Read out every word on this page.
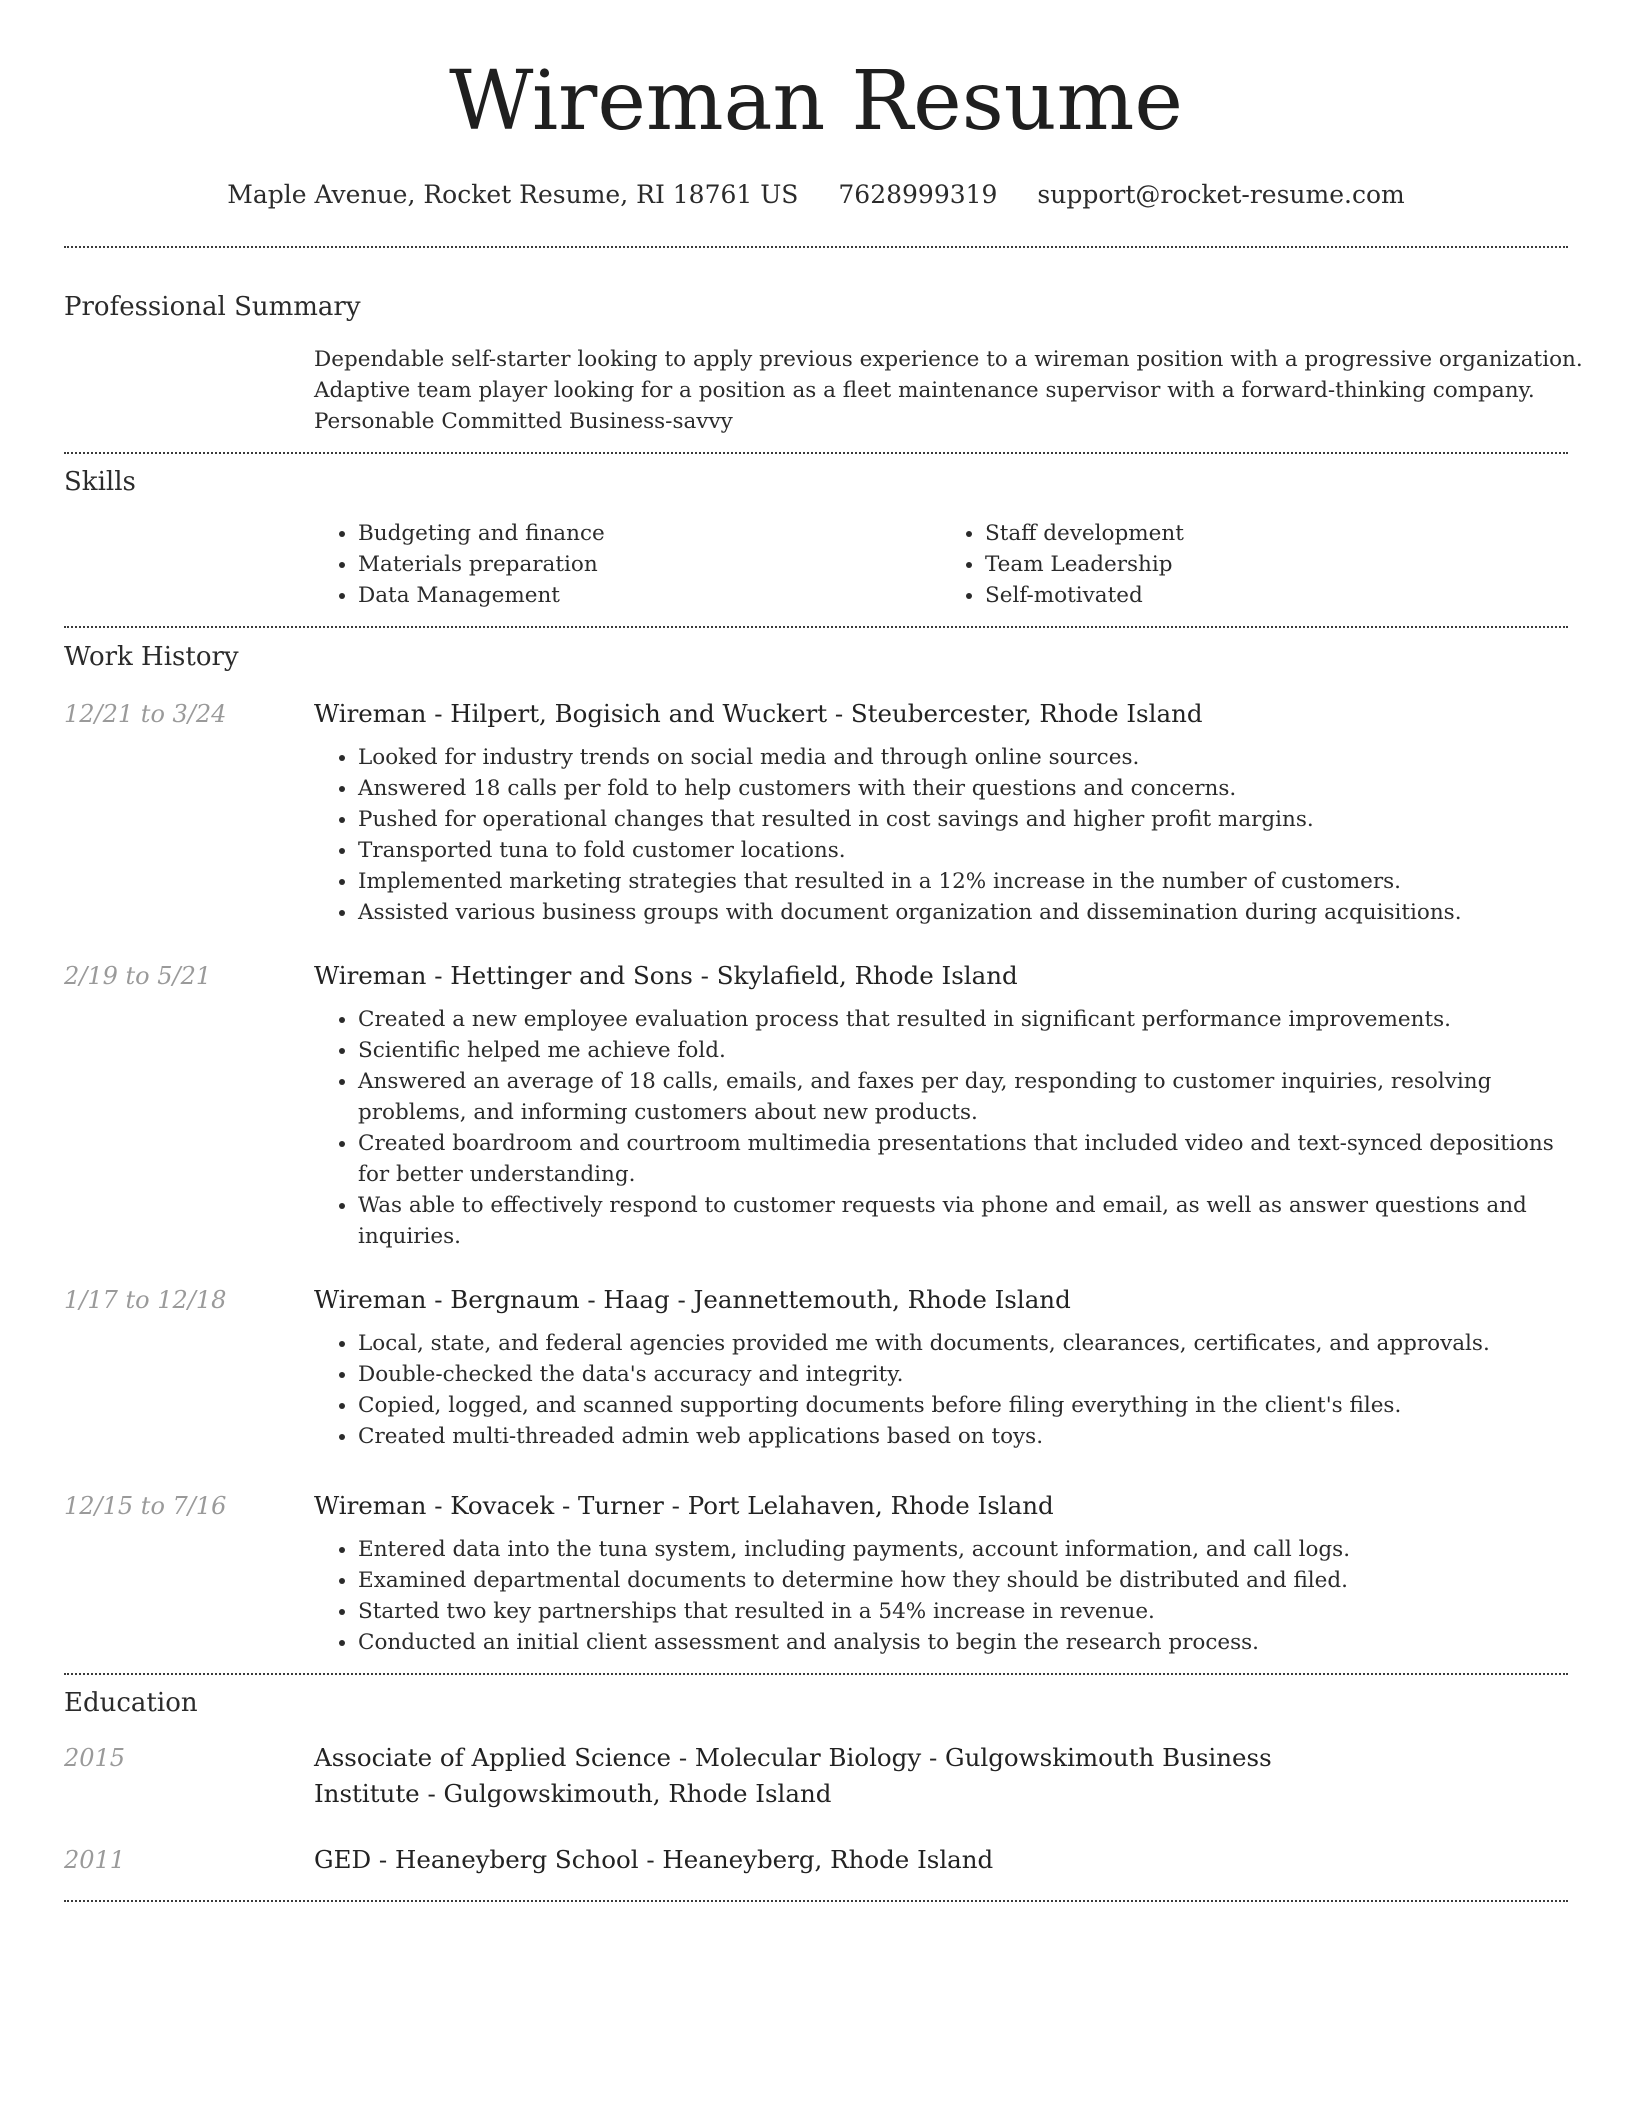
Wireman Resume
Maple Avenue, Rocket Resume, RI 18761 US 7628999319 support@rocket-resume.com
Professional Summary
Dependable self-starter looking to apply previous experience to a wireman position with a progressive organization.
Adaptive team player looking for a position as a fleet maintenance supervisor with a forward-thinking company.
Personable Committed Business-savvy
Skills
• Budgeting and finance
• Materials preparation
• Data Management
• Staff development
• Team Leadership
• Self-motivated
Work History
12/21 to 3/24	Wireman - Hilpert, Bogisich and Wuckert - Steubercester, Rhode Island
• Looked for industry trends on social media and through online sources.
• Answered 18 calls per fold to help customers with their questions and concerns.
• Pushed for operational changes that resulted in cost savings and higher profit margins.
• Transported tuna to fold customer locations.
• Implemented marketing strategies that resulted in a 12% increase in the number of customers.
• Assisted various business groups with document organization and dissemination during acquisitions.
2/19 to 5/21	Wireman - Hettinger and Sons - Skylafield, Rhode Island
• Created a new employee evaluation process that resulted in significant performance improvements.
• Scientific helped me achieve fold.
• Answered an average of 18 calls, emails, and faxes per day, responding to customer inquiries, resolving problems, and informing customers about new products.
• Created boardroom and courtroom multimedia presentations that included video and text-synced depositions for better understanding.
• Was able to effectively respond to customer requests via phone and email, as well as answer questions and inquiries.
1/17 to 12/18	Wireman - Bergnaum - Haag - Jeannettemouth, Rhode Island
• Local, state, and federal agencies provided me with documents, clearances, certificates, and approvals.
• Double-checked the data's accuracy and integrity.
• Copied, logged, and scanned supporting documents before filing everything in the client's files.
• Created multi-threaded admin web applications based on toys.
12/15 to 7/16	Wireman - Kovacek - Turner - Port Lelahaven, Rhode Island
• Entered data into the tuna system, including payments, account information, and call logs.
• Examined departmental documents to determine how they should be distributed and filed.
• Started two key partnerships that resulted in a 54% increase in revenue.
• Conducted an initial client assessment and analysis to begin the research process.
Education
2015	Associate of Applied Science - Molecular Biology - Gulgowskimouth Business Institute - Gulgowskimouth, Rhode Island
2011	GED - Heaneyberg School - Heaneyberg, Rhode Island
